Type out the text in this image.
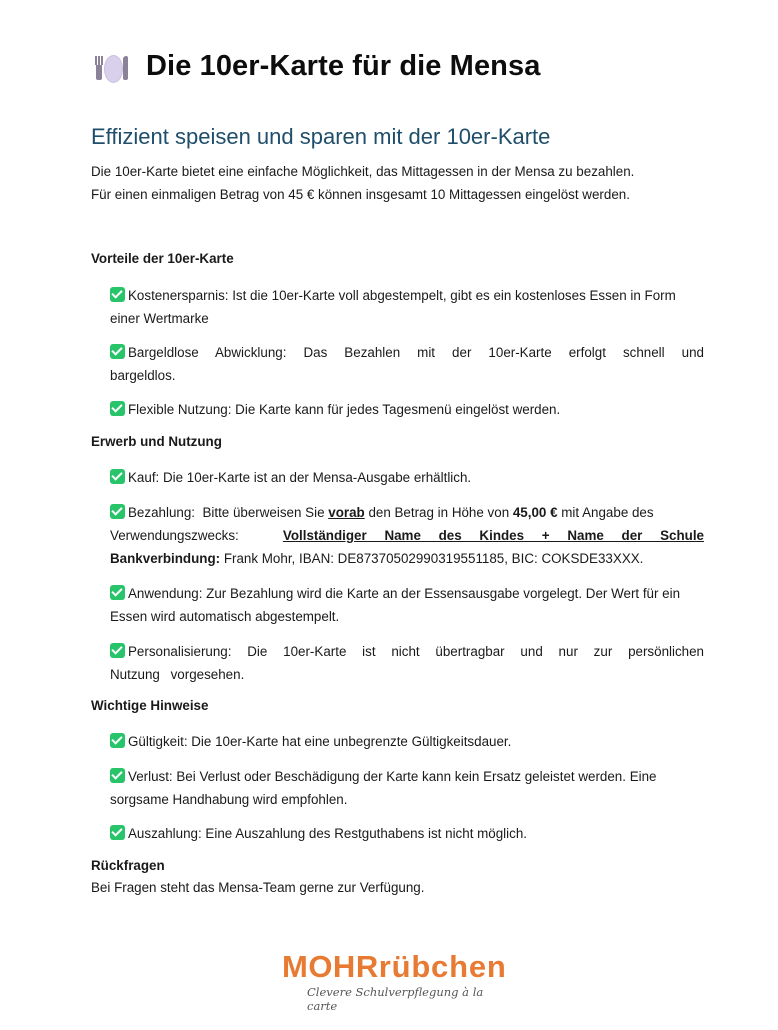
Die 10er-Karte für die Mensa
Effizient speisen und sparen mit der 10er-Karte
Die 10er-Karte bietet eine einfache Möglichkeit, das Mittagessen in der Mensa zu bezahlen.
Für einen einmaligen Betrag von 45 € können insgesamt 10 Mittagessen eingelöst werden.
Vorteile der 10er-Karte
Kostenersparnis: Ist die 10er-Karte voll abgestempelt, gibt es ein kostenloses Essen in Form einer Wertmarke
Bargeldlose Abwicklung: Das Bezahlen mit der 10er-Karte erfolgt schnell und bargeldlos.
Flexible Nutzung: Die Karte kann für jedes Tagesmenü eingelöst werden.
Erwerb und Nutzung
Kauf: Die 10er-Karte ist an der Mensa-Ausgabe erhältlich.
Bezahlung:  Bitte überweisen Sie vorab den Betrag in Höhe von 45,00 € mit Angabe des
Verwendungszwecks:	Vollständiger Name des Kindes + Name der Schule
Bankverbindung: Frank Mohr, IBAN: DE87370502990319551185, BIC: COKSDE33XXX.
Anwendung: Zur Bezahlung wird die Karte an der Essensausgabe vorgelegt. Der Wert für ein Essen wird automatisch abgestempelt.
Personalisierung: Die 10er-Karte ist nicht übertragbar und nur zur persönlichen Nutzung vorgesehen.
Wichtige Hinweise
Gültigkeit: Die 10er-Karte hat eine unbegrenzte Gültigkeitsdauer.
Verlust: Bei Verlust oder Beschädigung der Karte kann kein Ersatz geleistet werden. Eine sorgsame Handhabung wird empfohlen.
Auszahlung: Eine Auszahlung des Restguthabens ist nicht möglich.
Rückfragen
Bei Fragen steht das Mensa-Team gerne zur Verfügung.
MOHRrübchen
Clevere Schulverpflegung à la carte
